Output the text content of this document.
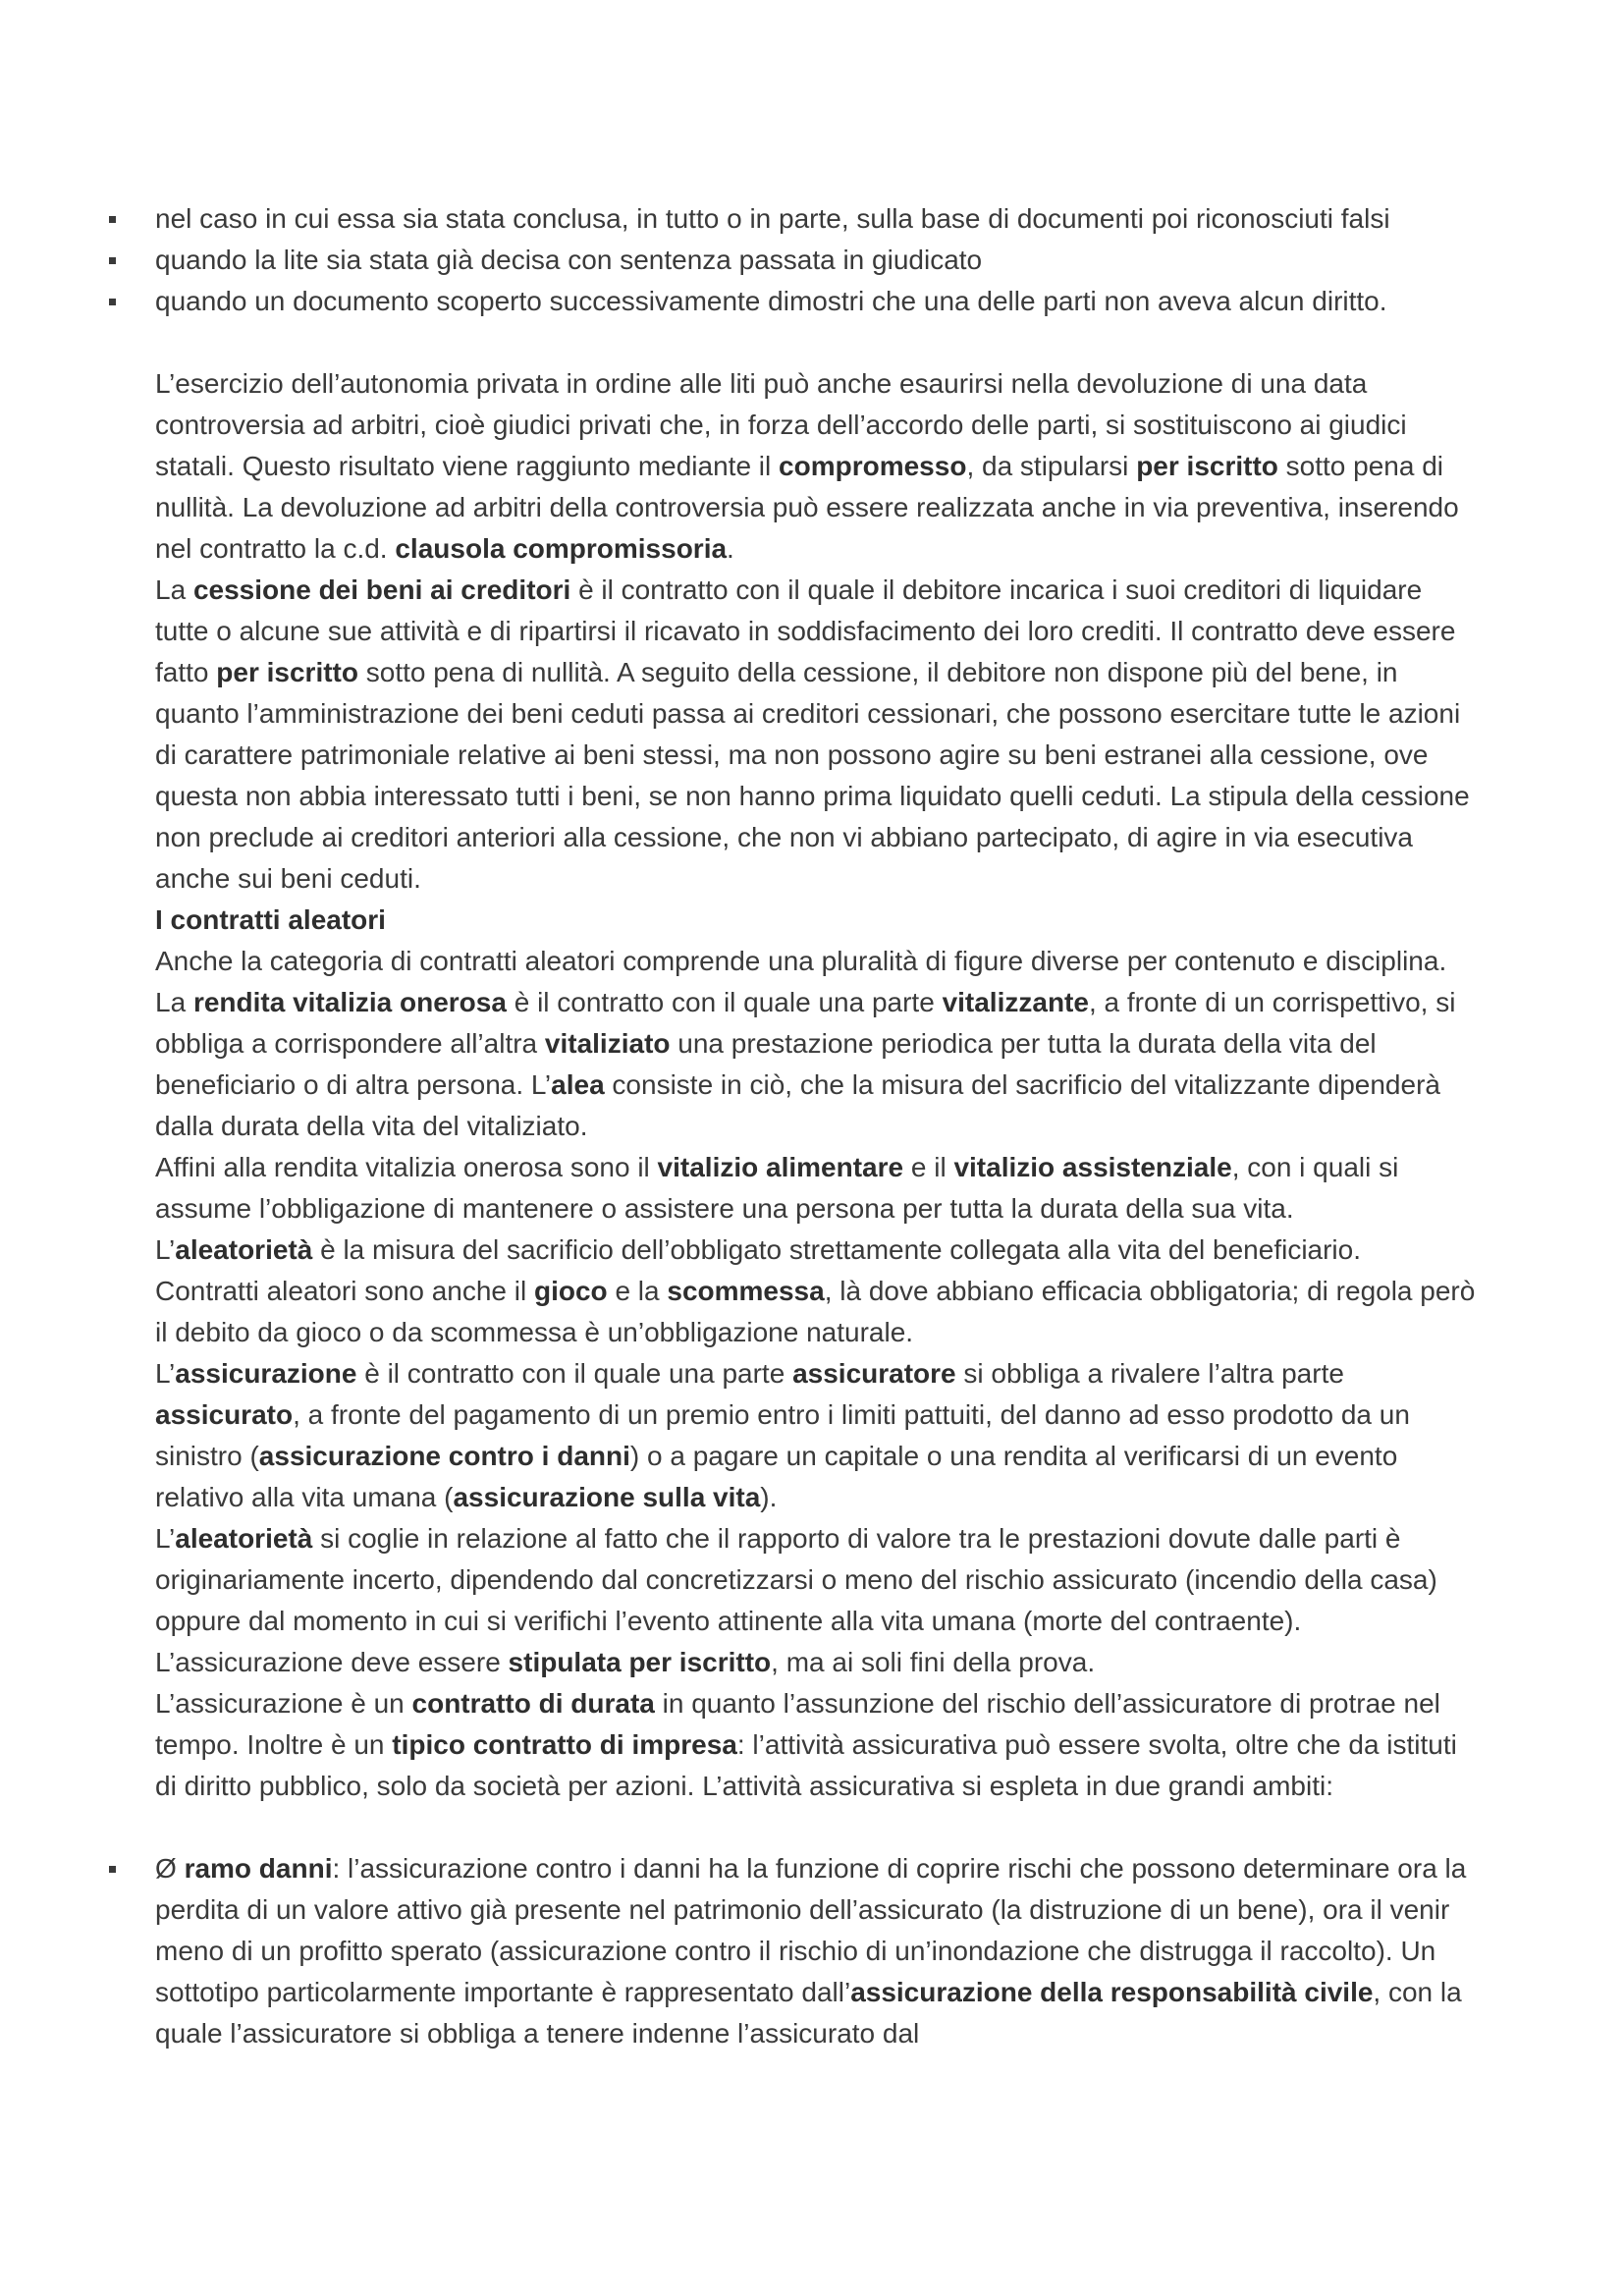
nel caso in cui essa sia stata conclusa, in tutto o in parte, sulla base di documenti poi riconosciuti falsi
quando la lite sia stata già decisa con sentenza passata in giudicato
quando un documento scoperto successivamente dimostri che una delle parti non aveva alcun diritto.

L’esercizio dell’autonomia privata in ordine alle liti può anche esaurirsi nella devoluzione di una data controversia ad arbitri, cioè giudici privati che, in forza dell’accordo delle parti, si sostituiscono ai giudici statali. Questo risultato viene raggiunto mediante il compromesso, da stipularsi per iscritto sotto pena di nullità. La devoluzione ad arbitri della controversia può essere realizzata anche in via preventiva, inserendo nel contratto la c.d. clausola compromissoria.

La cessione dei beni ai creditori è il contratto con il quale il debitore incarica i suoi creditori di liquidare tutte o alcune sue attività e di ripartirsi il ricavato in soddisfacimento dei loro crediti. Il contratto deve essere fatto per iscritto sotto pena di nullità. A seguito della cessione, il debitore non dispone più del bene, in quanto l’amministrazione dei beni ceduti passa ai creditori cessionari, che possono esercitare tutte le azioni di carattere patrimoniale relative ai beni stessi, ma non possono agire su beni estranei alla cessione, ove questa non abbia interessato tutti i beni, se non hanno prima liquidato quelli ceduti. La stipula della cessione non preclude ai creditori anteriori alla cessione, che non vi abbiano partecipato, di agire in via esecutiva anche sui beni ceduti.

I contratti aleatori

Anche la categoria di contratti aleatori comprende una pluralità di figure diverse per contenuto e disciplina.

La rendita vitalizia onerosa è il contratto con il quale una parte vitalizzante, a fronte di un corrispettivo, si obbliga a corrispondere all’altra vitaliziato una prestazione periodica per tutta la durata della vita del beneficiario o di altra persona. L’alea consiste in ciò, che la misura del sacrificio del vitalizzante dipenderà dalla durata della vita del vitaliziato.

Affini alla rendita vitalizia onerosa sono il vitalizio alimentare e il vitalizio assistenziale, con i quali si assume l’obbligazione di mantenere o assistere una persona per tutta la durata della sua vita.

L’aleatorietà è la misura del sacrificio dell’obbligato strettamente collegata alla vita del beneficiario.

Contratti aleatori sono anche il gioco e la scommessa, là dove abbiano efficacia obbligatoria; di regola però il debito da gioco o da scommessa è un’obbligazione naturale.

L’assicurazione è il contratto con il quale una parte assicuratore si obbliga a rivalere l’altra parte assicurato, a fronte del pagamento di un premio entro i limiti pattuiti, del danno ad esso prodotto da un sinistro (assicurazione contro i danni) o a pagare un capitale o una rendita al verificarsi di un evento relativo alla vita umana (assicurazione sulla vita).

L’aleatorietà si coglie in relazione al fatto che il rapporto di valore tra le prestazioni dovute dalle parti è originariamente incerto, dipendendo dal concretizzarsi o meno del rischio assicurato (incendio della casa) oppure dal momento in cui si verifichi l’evento attinente alla vita umana (morte del contraente).

L’assicurazione deve essere stipulata per iscritto, ma ai soli fini della prova.

L’assicurazione è un contratto di durata in quanto l’assunzione del rischio dell’assicuratore di protrae nel tempo. Inoltre è un tipico contratto di impresa: l’attività assicurativa può essere svolta, oltre che da istituti di diritto pubblico, solo da società per azioni. L’attività assicurativa si espleta in due grandi ambiti:

Ø ramo danni: l’assicurazione contro i danni ha la funzione di coprire rischi che possono determinare ora la perdita di un valore attivo già presente nel patrimonio dell’assicurato (la distruzione di un bene), ora il venir meno di un profitto sperato (assicurazione contro il rischio di un’inondazione che distrugga il raccolto). Un sottotipo particolarmente importante è rappresentato dall’assicurazione della responsabilità civile, con la quale l’assicuratore si obbliga a tenere indenne l’assicurato dal
